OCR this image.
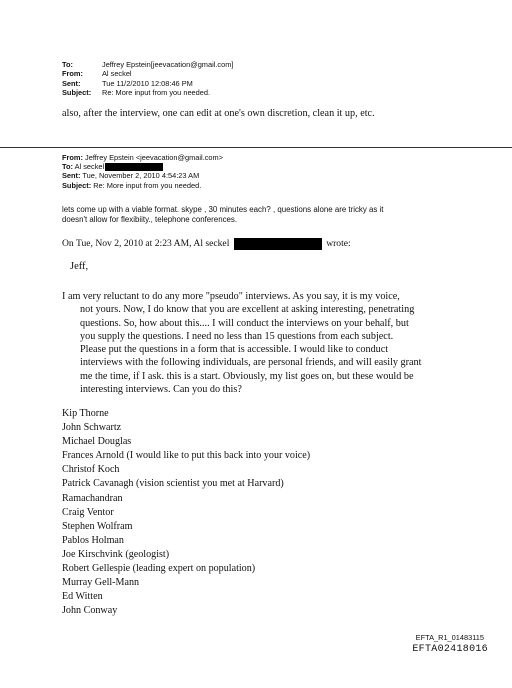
To:	Jeffrey Epstein[jeevacation@gmail.com]
From:	Al seckel
Sent:	Tue 11/2/2010 12:08:46 PM
Subject:	Re: More input from you needed.
also, after the interview, one can edit at one's own discretion, clean it up, etc.
From: Jeffrey Epstein <jeevacation@gmail.com>
To: Al seckel
Sent: Tue, November 2, 2010 4:54:23 AM
Subject: Re: More input from you needed.
lets come up with a viable format. skype , 30 minutes each? , questions alone are tricky as it
doesn't allow for flexibiity., telephone conferences.
On Tue, Nov 2, 2010 at 2:23 AM, Al seckel	wrote:
Jeff,
I am very reluctant to do any more "pseudo" interviews. As you say, it is my voice,
not yours. Now, I do know that you are excellent at asking interesting, penetrating
questions. So, how about this.... I will conduct the interviews on your behalf, but
you supply the questions. I need no less than 15 questions from each subject.
Please put the questions in a form that is accessible. I would like to conduct
interviews with the following individuals, are personal friends, and will easily grant
me the time, if I ask. this is a start. Obviously, my list goes on, but these would be
interesting interviews. Can you do this?
Kip Thorne
John Schwartz
Michael Douglas
Frances Arnold (I would like to put this back into your voice)
Christof Koch
Patrick Cavanagh (vision scientist you met at Harvard)
Ramachandran
Craig Ventor
Stephen Wolfram
Pablos Holman
Joe Kirschvink (geologist)
Robert Gellespie (leading expert on population)
Murray Gell-Mann
Ed Witten
John Conway
EFTA_R1_01483115
EFTA02418016
